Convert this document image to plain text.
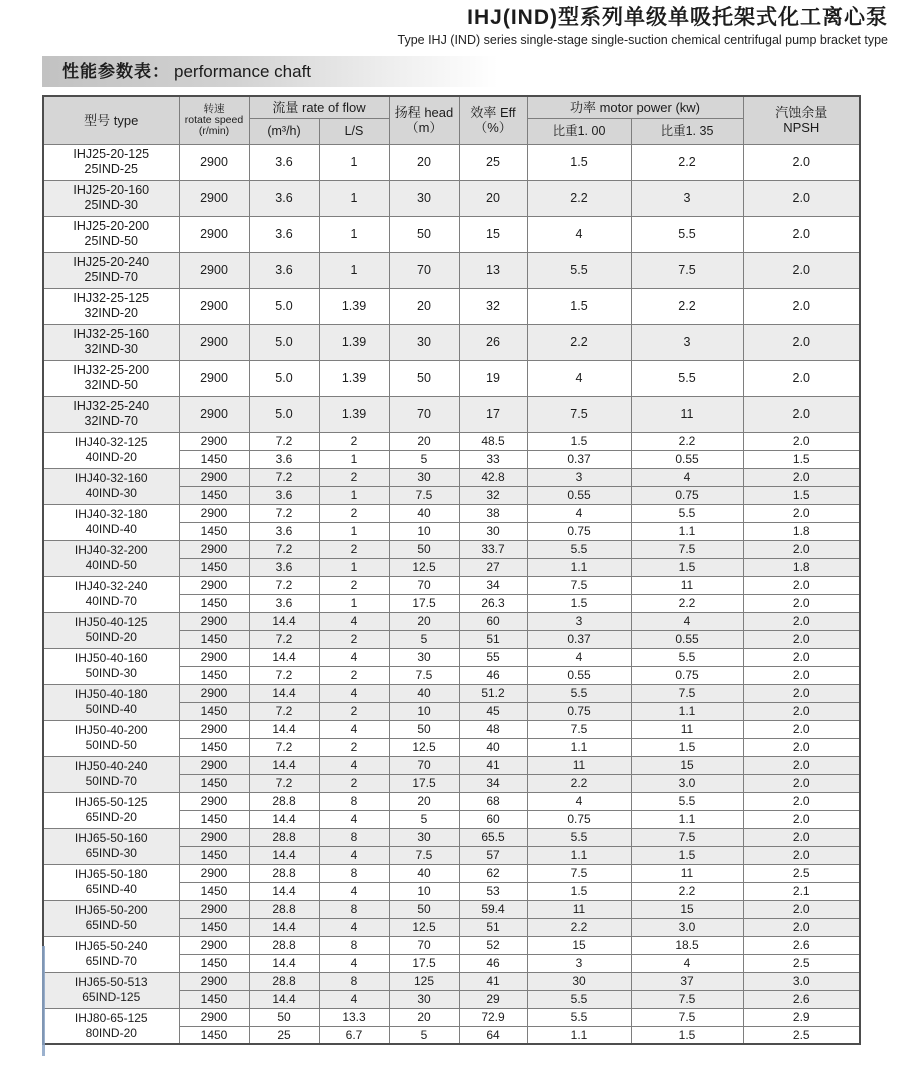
IHJ(IND)型系列单级单吸托架式化工离心泵
Type IHJ (IND) series single-stage single-suction chemical centrifugal pump bracket type
性能参数表： performance chaft
型号 type	转速
rotate speed
(r/min)	流量 rate of flow		扬程 head
（m）	效率 Eff
（%）	功率 motor power (kw)		汽蚀余量
NPSH

		(m³/h)	L/S			比重1. 00	比重1. 35	

IHJ25-20-125
25IND-25	2900	3.6	1	20	25	1.5	2.2	2.0

IHJ25-20-160
25IND-30	2900	3.6	1	30	20	2.2	3	2.0

IHJ25-20-200
25IND-50	2900	3.6	1	50	15	4	5.5	2.0

IHJ25-20-240
25IND-70	2900	3.6	1	70	13	5.5	7.5	2.0

IHJ32-25-125
32IND-20	2900	5.0	1.39	20	32	1.5	2.2	2.0

IHJ32-25-160
32IND-30	2900	5.0	1.39	30	26	2.2	3	2.0

IHJ32-25-200
32IND-50	2900	5.0	1.39	50	19	4	5.5	2.0

IHJ32-25-240
32IND-70	2900	5.0	1.39	70	17	7.5	11	2.0

IHJ40-32-125
40IND-20	2900	7.2	2	20	48.5	1.5	2.2	2.0
	1450	3.6	1	5	33	0.37	0.55	1.5

IHJ40-32-160
40IND-30	2900	7.2	2	30	42.8	3	4	2.0
	1450	3.6	1	7.5	32	0.55	0.75	1.5

IHJ40-32-180
40IND-40	2900	7.2	2	40	38	4	5.5	2.0
	1450	3.6	1	10	30	0.75	1.1	1.8

IHJ40-32-200
40IND-50	2900	7.2	2	50	33.7	5.5	7.5	2.0
	1450	3.6	1	12.5	27	1.1	1.5	1.8

IHJ40-32-240
40IND-70	2900	7.2	2	70	34	7.5	11	2.0
	1450	3.6	1	17.5	26.3	1.5	2.2	2.0

IHJ50-40-125
50IND-20	2900	14.4	4	20	60	3	4	2.0
	1450	7.2	2	5	51	0.37	0.55	2.0

IHJ50-40-160
50IND-30	2900	14.4	4	30	55	4	5.5	2.0
	1450	7.2	2	7.5	46	0.55	0.75	2.0

IHJ50-40-180
50IND-40	2900	14.4	4	40	51.2	5.5	7.5	2.0
	1450	7.2	2	10	45	0.75	1.1	2.0

IHJ50-40-200
50IND-50	2900	14.4	4	50	48	7.5	11	2.0
	1450	7.2	2	12.5	40	1.1	1.5	2.0

IHJ50-40-240
50IND-70	2900	14.4	4	70	41	11	15	2.0
	1450	7.2	2	17.5	34	2.2	3.0	2.0

IHJ65-50-125
65IND-20	2900	28.8	8	20	68	4	5.5	2.0
	1450	14.4	4	5	60	0.75	1.1	2.0

IHJ65-50-160
65IND-30	2900	28.8	8	30	65.5	5.5	7.5	2.0
	1450	14.4	4	7.5	57	1.1	1.5	2.0

IHJ65-50-180
65IND-40	2900	28.8	8	40	62	7.5	11	2.5
	1450	14.4	4	10	53	1.5	2.2	2.1

IHJ65-50-200
65IND-50	2900	28.8	8	50	59.4	11	15	2.0
	1450	14.4	4	12.5	51	2.2	3.0	2.0

IHJ65-50-240
65IND-70	2900	28.8	8	70	52	15	18.5	2.6
	1450	14.4	4	17.5	46	3	4	2.5

IHJ65-50-513
65IND-125	2900	28.8	8	125	41	30	37	3.0
	1450	14.4	4	30	29	5.5	7.5	2.6

IHJ80-65-125
80IND-20	2900	50	13.3	20	72.9	5.5	7.5	2.9
	1450	25	6.7	5	64	1.1	1.5	2.5
